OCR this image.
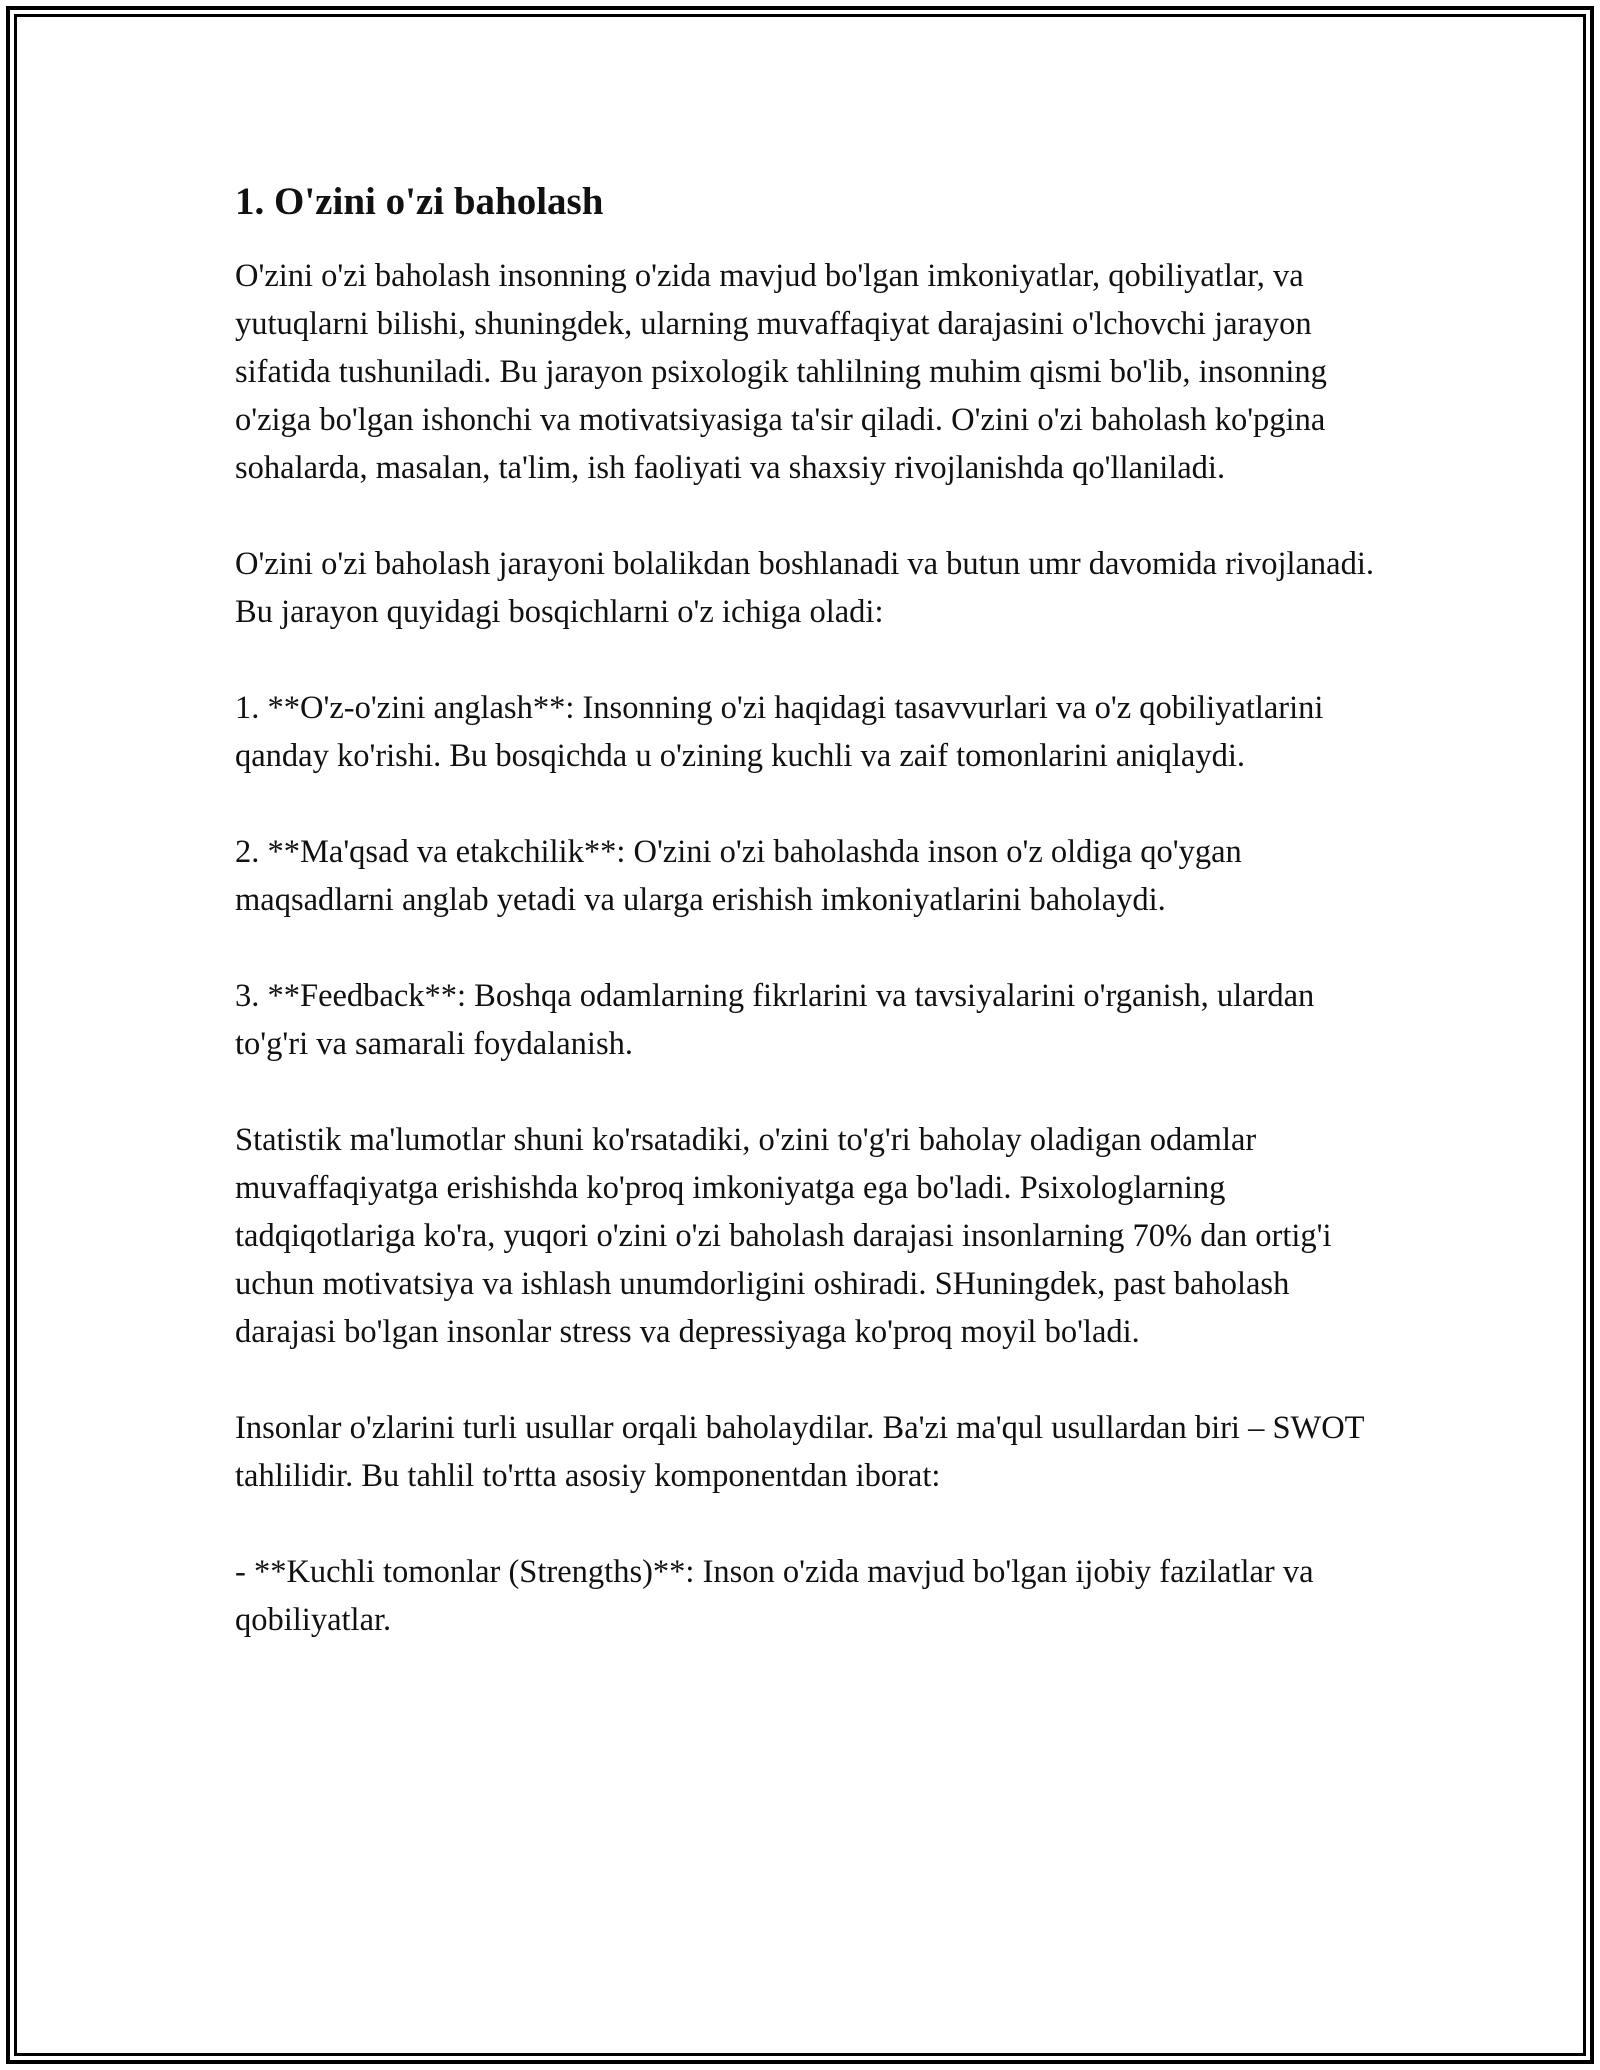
1. O'zini o'zi baholash

O'zini o'zi baholash insonning o'zida mavjud bo'lgan imkoniyatlar, qobiliyatlar, va yutuqlarni bilishi, shuningdek, ularning muvaffaqiyat darajasini o'lchovchi jarayon sifatida tushuniladi. Bu jarayon psixologik tahlilning muhim qismi bo'lib, insonning o'ziga bo'lgan ishonchi va motivatsiyasiga ta'sir qiladi. O'zini o'zi baholash ko'pgina sohalarda, masalan, ta'lim, ish faoliyati va shaxsiy rivojlanishda qo'llaniladi.

O'zini o'zi baholash jarayoni bolalikdan boshlanadi va butun umr davomida rivojlanadi. Bu jarayon quyidagi bosqichlarni o'z ichiga oladi:

1. **O'z-o'zini anglash**: Insonning o'zi haqidagi tasavvurlari va o'z qobiliyatlarini qanday ko'rishi. Bu bosqichda u o'zining kuchli va zaif tomonlarini aniqlaydi.

2. **Ma'qsad va etakchilik**: O'zini o'zi baholashda inson o'z oldiga qo'ygan maqsadlarni anglab yetadi va ularga erishish imkoniyatlarini baholaydi.

3. **Feedback**: Boshqa odamlarning fikrlarini va tavsiyalarini o'rganish, ulardan to'g'ri va samarali foydalanish.

Statistik ma'lumotlar shuni ko'rsatadiki, o'zini to'g'ri baholay oladigan odamlar muvaffaqiyatga erishishda ko'proq imkoniyatga ega bo'ladi. Psixologlarning tadqiqotlariga ko'ra, yuqori o'zini o'zi baholash darajasi insonlarning 70% dan ortig'i uchun motivatsiya va ishlash unumdorligini oshiradi. SHuningdek, past baholash darajasi bo'lgan insonlar stress va depressiyaga ko'proq moyil bo'ladi.

Insonlar o'zlarini turli usullar orqali baholaydilar. Ba'zi ma'qul usullardan biri – SWOT tahlilidir. Bu tahlil to'rtta asosiy komponentdan iborat:

- **Kuchli tomonlar (Strengths)**: Inson o'zida mavjud bo'lgan ijobiy fazilatlar va qobiliyatlar.
